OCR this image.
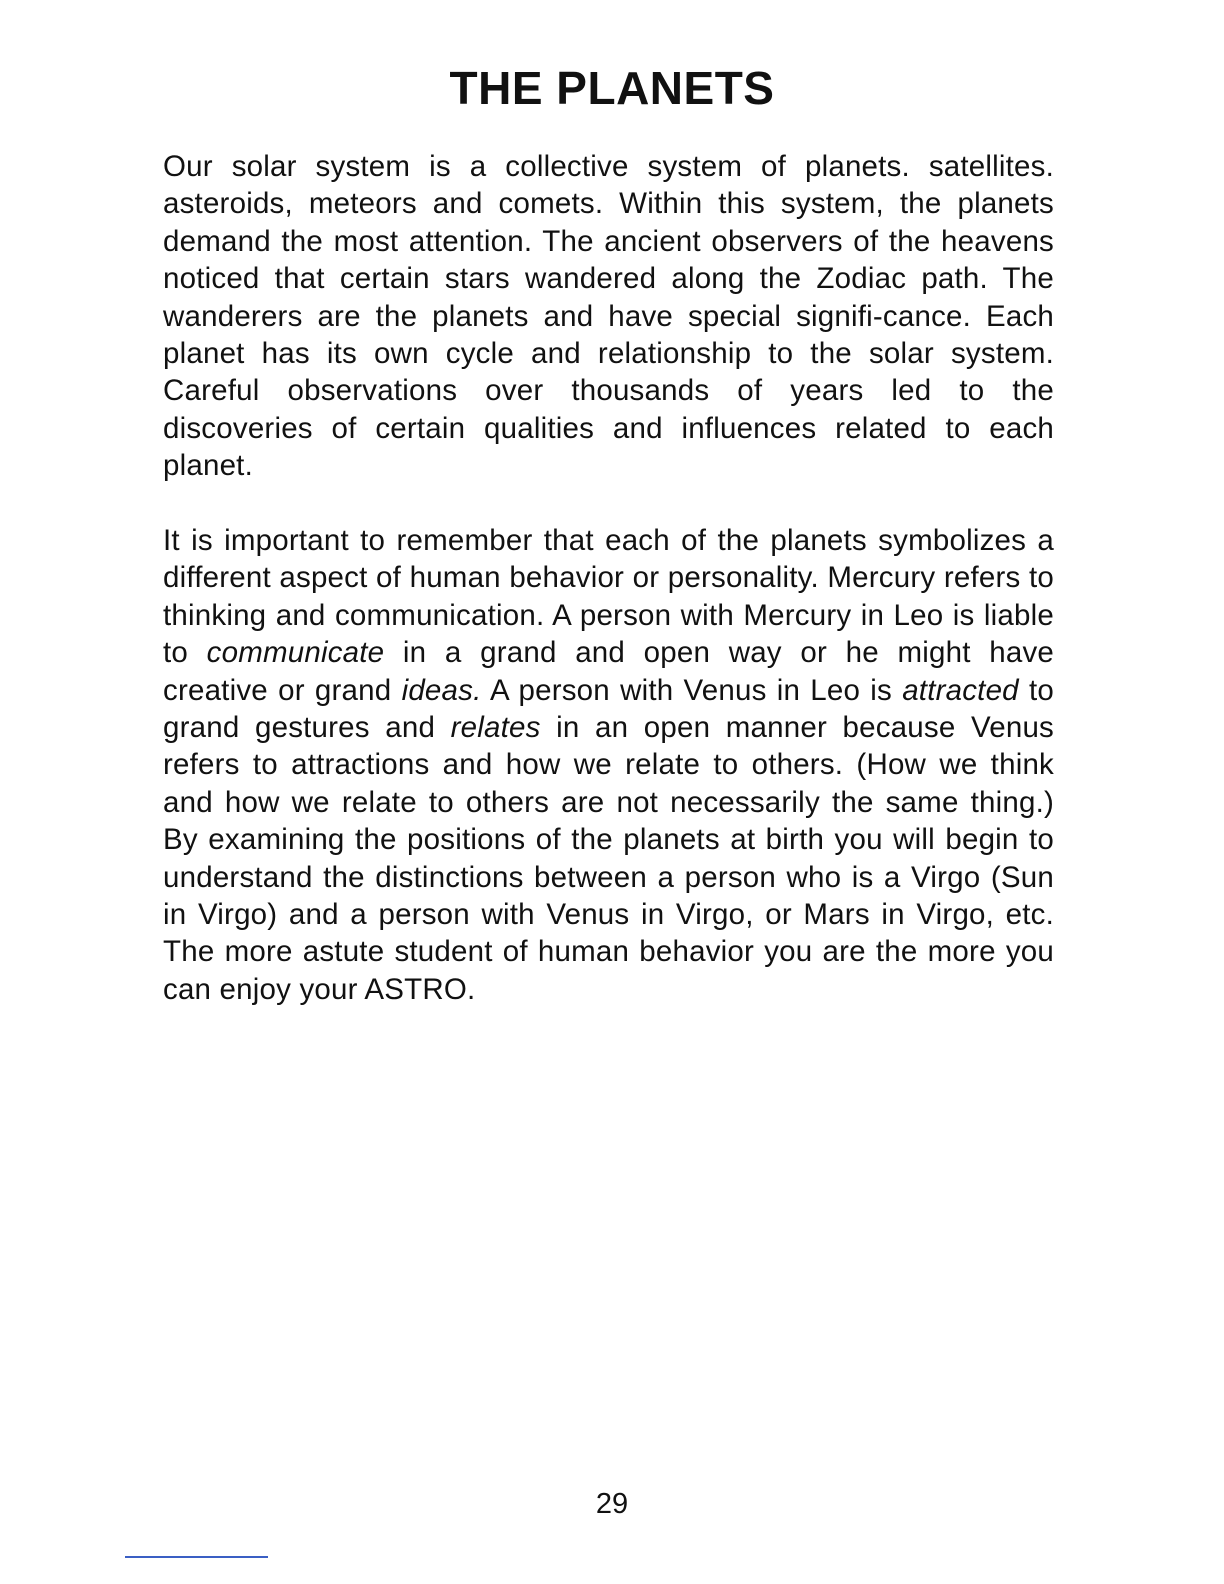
THE PLANETS

Our solar system is a collective system of planets. satellites. asteroids, meteors and comets. Within this system, the planets demand the most attention. The ancient observers of the heavens noticed that certain stars wandered along the Zodiac path. The wanderers are the planets and have special signifi-cance. Each planet has its own cycle and relationship to the solar system. Careful observations over thousands of years led to the discoveries of certain qualities and influences related to each planet.

It is important to remember that each of the planets symbolizes a different aspect of human behavior or personality. Mercury refers to thinking and communication. A person with Mercury in Leo is liable to communicate in a grand and open way or he might have creative or grand ideas. A person with Venus in Leo is attracted to grand gestures and relates in an open manner because Venus refers to attractions and how we relate to others. (How we think and how we relate to others are not necessarily the same thing.) By examining the positions of the planets at birth you will begin to understand the distinctions between a person who is a Virgo (Sun in Virgo) and a person with Venus in Virgo, or Mars in Virgo, etc. The more astute student of human behavior you are the more you can enjoy your ASTRO.

29
